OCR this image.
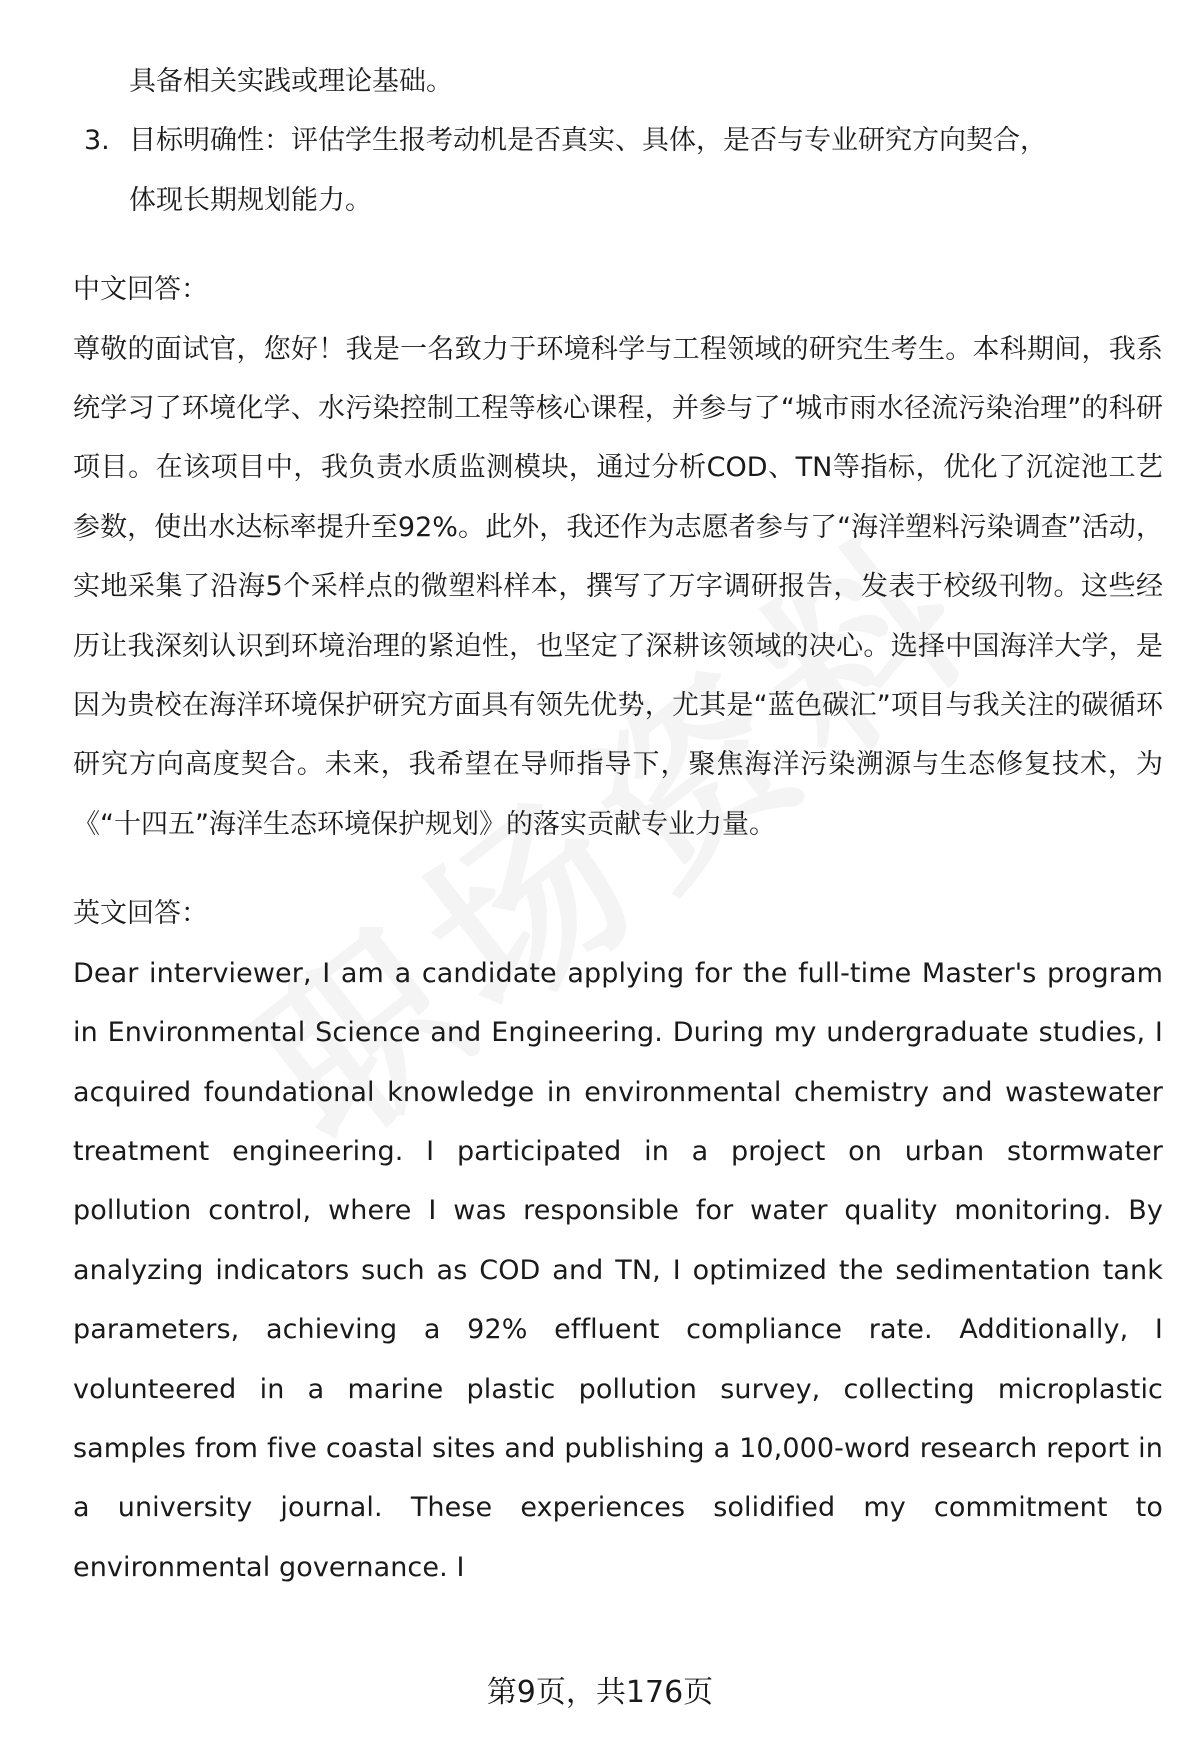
具备相关实践或理论基础。

3. 目标明确性：评估学生报考动机是否真实、具体，是否与专业研究方向契合，

体现长期规划能力。

中文回答：

尊敬的面试官，您好！我是一名致力于环境科学与工程领域的研究生考生。本科期间，我系统学习了环境化学、水污染控制工程等核心课程，并参与了“城市雨水径流污染治理”的科研项目。在该项目中，我负责水质监测模块，通过分析COD、TN等指标，优化了沉淀池工艺参数，使出水达标率提升至92%。此外，我还作为志愿者参与了“海洋塑料污染调查”活动，实地采集了沿海5个采样点的微塑料样本，撰写了万字调研报告，发表于校级刊物。这些经历让我深刻认识到环境治理的紧迫性，也坚定了深耕该领域的决心。选择中国海洋大学，是因为贵校在海洋环境保护研究方面具有领先优势，尤其是“蓝色碳汇”项目与我关注的碳循环研究方向高度契合。未来，我希望在导师指导下，聚焦海洋污染溯源与生态修复技术，为《“十四五”海洋生态环境保护规划》的落实贡献专业力量。

英文回答：

Dear interviewer, I am a candidate applying for the full-time Master's program in Environmental Science and Engineering. During my undergraduate studies, I acquired foundational knowledge in environmental chemistry and wastewater treatment engineering. I participated in a project on urban stormwater pollution control, where I was responsible for water quality monitoring. By analyzing indicators such as COD and TN, I optimized the sedimentation tank parameters, achieving a 92% effluent compliance rate. Additionally, I volunteered in a marine plastic pollution survey, collecting microplastic samples from five coastal sites and publishing a 10,000-word research report in a university journal. These experiences solidified my commitment to environmental governance. I

第9页，共176页
